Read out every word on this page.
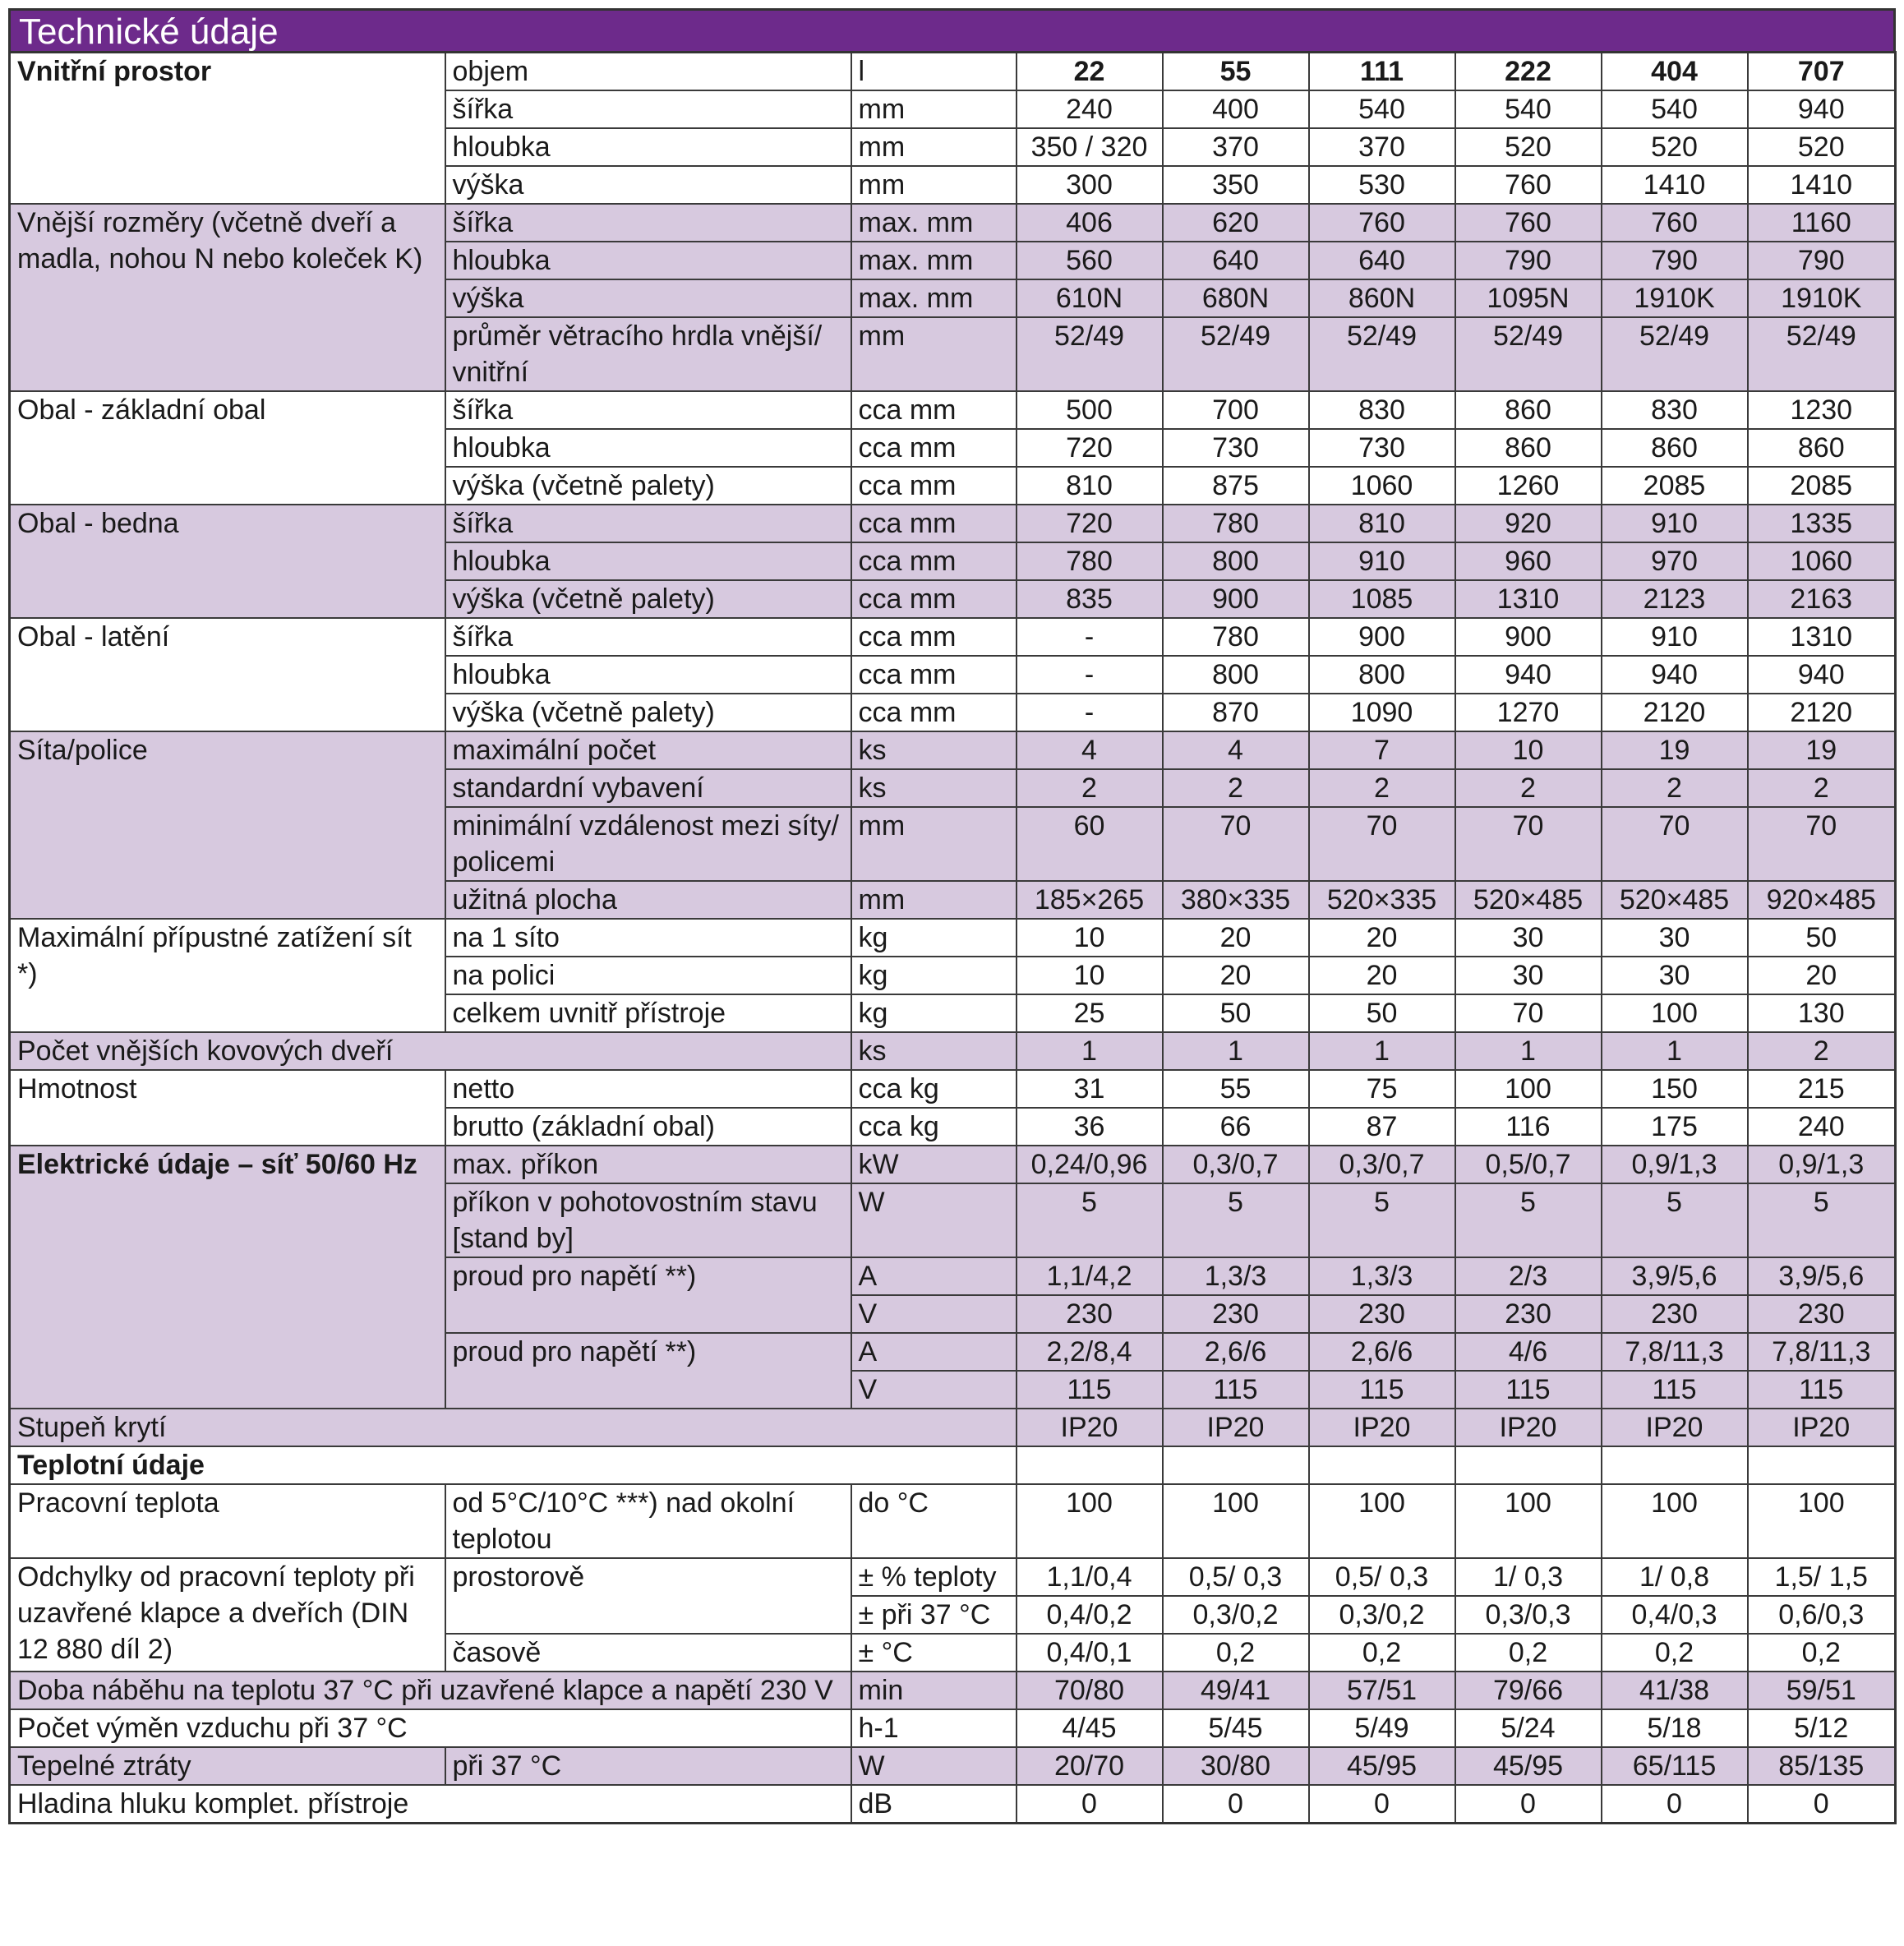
Technické údaje
Vnitřní prostor	objem	l	22	55	111	222	404	707
	šířka	mm	240	400	540	540	540	940
	hloubka	mm	350 / 320	370	370	520	520	520
	výška	mm	300	350	530	760	1410	1410
Vnější rozměry (včetně dveří a madla, nohou N nebo koleček K)	šířka	max. mm	406	620	760	760	760	1160
	hloubka	max. mm	560	640	640	790	790	790
	výška	max. mm	610N	680N	860N	1095N	1910K	1910K
	průměr větracího hrdla vnější/ vnitřní	mm	52/49	52/49	52/49	52/49	52/49	52/49
Obal - základní obal	šířka	cca mm	500	700	830	860	830	1230
	hloubka	cca mm	720	730	730	860	860	860
	výška (včetně palety)	cca mm	810	875	1060	1260	2085	2085
Obal - bedna	šířka	cca mm	720	780	810	920	910	1335
	hloubka	cca mm	780	800	910	960	970	1060
	výška (včetně palety)	cca mm	835	900	1085	1310	2123	2163
Obal - latění	šířka	cca mm	-	780	900	900	910	1310
	hloubka	cca mm	-	800	800	940	940	940
	výška (včetně palety)	cca mm	-	870	1090	1270	2120	2120
Síta/police	maximální počet	ks	4	4	7	10	19	19
	standardní vybavení	ks	2	2	2	2	2	2
	minimální vzdálenost mezi síty/ policemi	mm	60	70	70	70	70	70
	užitná plocha	mm	185×265	380×335	520×335	520×485	520×485	920×485
Maximální přípustné zatížení sít *)	na 1 síto	kg	10	20	20	30	30	50
	na polici	kg	10	20	20	30	30	20
	celkem uvnitř přístroje	kg	25	50	50	70	100	130
Počet vnějších kovových dveří		ks	1	1	1	1	1	2
Hmotnost	netto	cca kg	31	55	75	100	150	215
	brutto (základní obal)	cca kg	36	66	87	116	175	240
Elektrické údaje – síť 50/60 Hz	max. příkon	kW	0,24/0,96	0,3/0,7	0,3/0,7	0,5/0,7	0,9/1,3	0,9/1,3
	příkon v pohotovostním stavu [stand by]	W	5	5	5	5	5	5
	proud pro napětí **)	A	1,1/4,2	1,3/3	1,3/3	2/3	3,9/5,6	3,9/5,6
		V	230	230	230	230	230	230
	proud pro napětí **)	A	2,2/8,4	2,6/6	2,6/6	4/6	7,8/11,3	7,8/11,3
		V	115	115	115	115	115	115
Stupeň krytí			IP20	IP20	IP20	IP20	IP20	IP20
Teplotní údaje								
Pracovní teplota	od 5°C/10°C ***) nad okolní teplotou	do °C	100	100	100	100	100	100
Odchylky od pracovní teploty při uzavřené klapce a dveřích (DIN 12 880 díl 2)	prostorově	± % teploty	1,1/0,4	0,5/ 0,3	0,5/ 0,3	1/ 0,3	1/ 0,8	1,5/ 1,5
		± při 37 °C	0,4/0,2	0,3/0,2	0,3/0,2	0,3/0,3	0,4/0,3	0,6/0,3
	časově	± °C	0,4/0,1	0,2	0,2	0,2	0,2	0,2
Doba náběhu na teplotu 37 °C při uzavřené klapce a napětí 230 V		min	70/80	49/41	57/51	79/66	41/38	59/51
Počet výměn vzduchu při 37 °C		h-1	4/45	5/45	5/49	5/24	5/18	5/12
Tepelné ztráty	při 37 °C	W	20/70	30/80	45/95	45/95	65/115	85/135
Hladina hluku komplet. přístroje		dB	0	0	0	0	0	0
